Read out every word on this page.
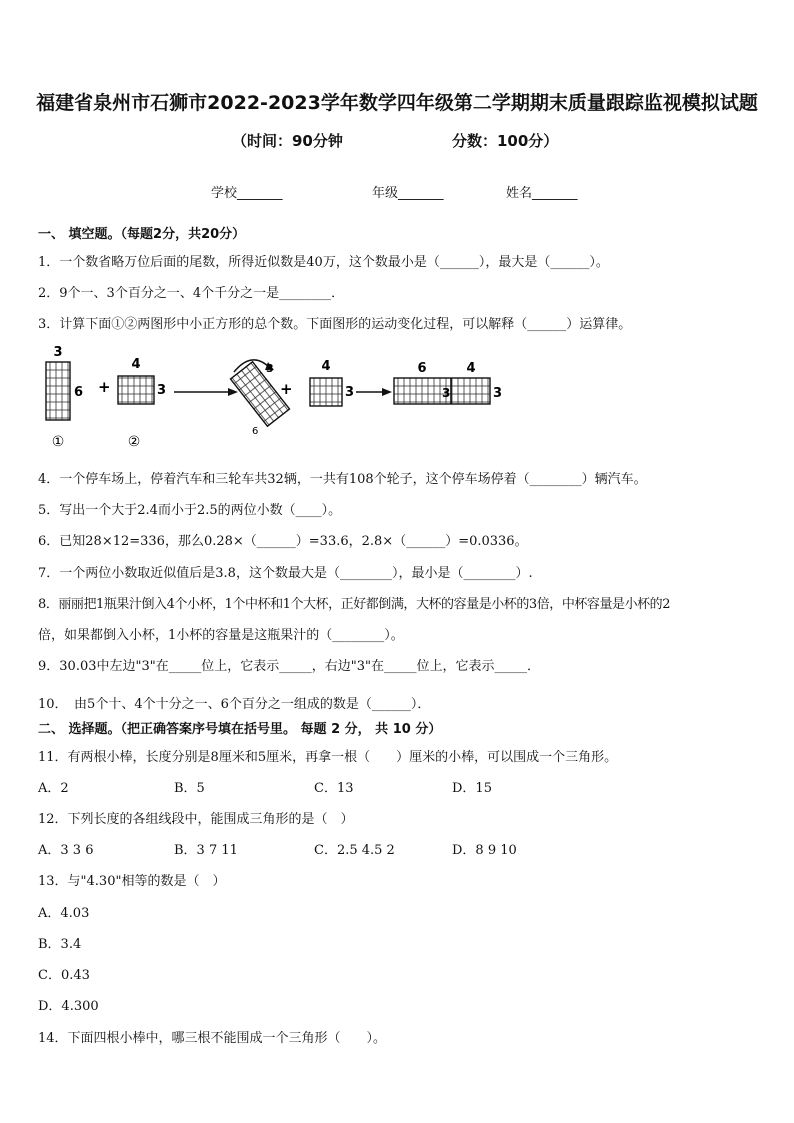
福建省泉州市石狮市2022-2023学年数学四年级第二学期期末质量跟踪监视模拟试题
（时间：90分钟	分数：100分）
学校_______	年级_______	姓名_______
一、 填空题。（每题2分，共20分）
1．一个数省略万位后面的尾数，所得近似数是40万，这个数最小是（______），最大是（______）。
2．9个一、3个百分之一、4个千分之一是________．
3．计算下面①②两图形中小正方形的总个数。下面图形的运动变化过程，可以解释（______）运算律。
3
6
①
+
4
3
②
3
6
+
4
3
6	4
3	3
4．一个停车场上，停着汽车和三轮车共32辆，一共有108个轮子，这个停车场停着（________）辆汽车。
5．写出一个大于2.4而小于2.5的两位小数（____）。
6．已知28×12=336，那么0.28×（______）=33.6，2.8×（______）=0.0336。
7．一个两位小数取近似值后是3.8，这个数最大是（________），最小是（________）.
8．丽丽把1瓶果汁倒入4个小杯，1个中杯和1个大杯，正好都倒满，大杯的容量是小杯的3倍，中杯容量是小杯的2
倍，如果都倒入小杯，1小杯的容量是这瓶果汁的（________）。
9．30.03中左边"3"在_____位上，它表示_____，右边"3"在_____位上，它表示_____．
10．　由5个十、4个十分之一、6个百分之一组成的数是（______）．
二、 选择题。（把正确答案序号填在括号里。 每题 2 分， 共 10 分）
11．有两根小棒，长度分别是8厘米和5厘米，再拿一根（　　）厘米的小棒，可以围成一个三角形。
A．2	B．5	C．13	D．15
12．下列长度的各组线段中，能围成三角形的是（　）
A．3 3 6	B．3 7 11	C．2.5 4.5 2	D．8 9 10
13．与"4.30"相等的数是（　）
A．4.03
B．3.4
C．0.43
D．4.300
14．下面四根小棒中，哪三根不能围成一个三角形（　　）。
